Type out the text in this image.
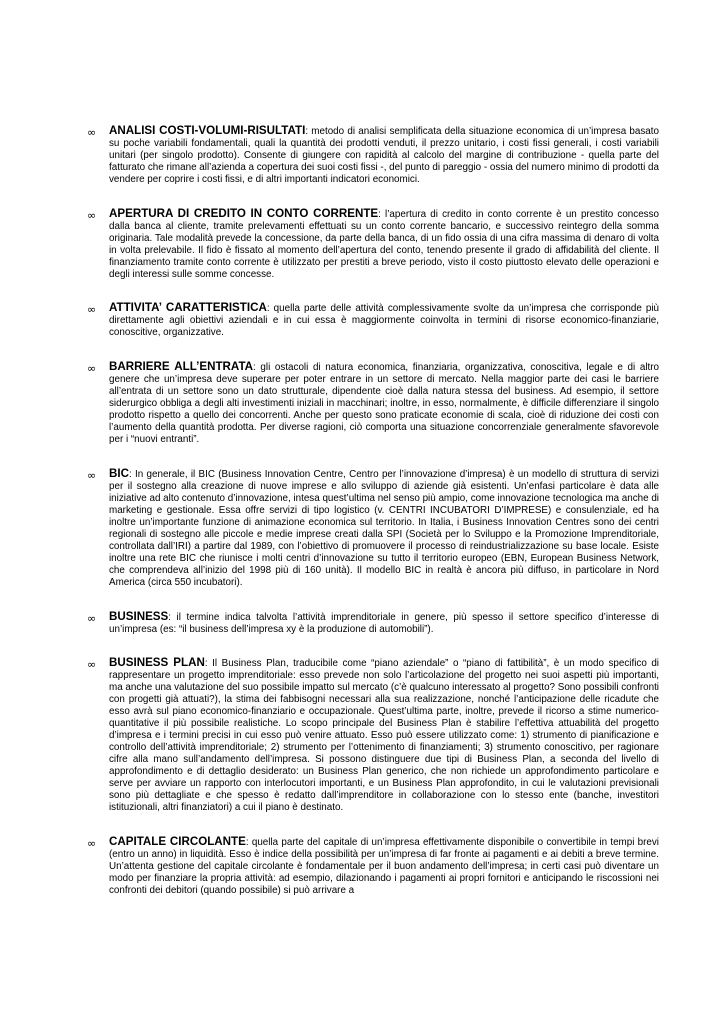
∞ ANALISI COSTI-VOLUMI-RISULTATI: metodo di analisi semplificata della situazione economica di un’impresa basato su poche variabili fondamentali, quali la quantità dei prodotti venduti, il prezzo unitario, i costi fissi generali, i costi variabili unitari (per singolo prodotto). Consente di giungere con rapidità al calcolo del margine di contribuzione - quella parte del fatturato che rimane all’azienda a copertura dei suoi costi fissi -, del punto di pareggio - ossia del numero minimo di prodotti da vendere per coprire i costi fissi, e di altri importanti indicatori economici.

∞ APERTURA DI CREDITO IN CONTO CORRENTE: l’apertura di credito in conto corrente è un prestito concesso dalla banca al cliente, tramite prelevamenti effettuati su un conto corrente bancario, e successivo reintegro della somma originaria. Tale modalità prevede la concessione, da parte della banca, di un fido ossia di una cifra massima di denaro di volta in volta prelevabile. Il fido è fissato al momento dell’apertura del conto, tenendo presente il grado di affidabilità del cliente. Il finanziamento tramite conto corrente è utilizzato per prestiti a breve periodo, visto il costo piuttosto elevato delle operazioni e degli interessi sulle somme concesse.

∞ ATTIVITA’ CARATTERISTICA: quella parte delle attività complessivamente svolte da un’impresa che corrisponde più direttamente agli obiettivi aziendali e in cui essa è maggiormente coinvolta in termini di risorse economico-finanziarie, conoscitive, organizzative.

∞ BARRIERE ALL’ENTRATA: gli ostacoli di natura economica, finanziaria, organizzativa, conoscitiva, legale e di altro genere che un’impresa deve superare per poter entrare in un settore di mercato. Nella maggior parte dei casi le barriere all’entrata di un settore sono un dato strutturale, dipendente cioè dalla natura stessa del business. Ad esempio, il settore siderurgico obbliga a degli alti investimenti iniziali in macchinari; inoltre, in esso, normalmente, è difficile differenziare il singolo prodotto rispetto a quello dei concorrenti. Anche per questo sono praticate economie di scala, cioè di riduzione dei costi con l’aumento della quantità prodotta. Per diverse ragioni, ciò comporta una situazione concorrenziale generalmente sfavorevole per i “nuovi entranti”.

∞ BIC: In generale, il BIC (Business Innovation Centre, Centro per l’innovazione d’impresa) è un modello di struttura di servizi per il sostegno alla creazione di nuove imprese e allo sviluppo di aziende già esistenti. Un’enfasi particolare è data alle iniziative ad alto contenuto d’innovazione, intesa quest’ultima nel senso più ampio, come innovazione tecnologica ma anche di marketing e gestionale. Essa offre servizi di tipo logistico (v. CENTRI INCUBATORI D’IMPRESE) e consulenziale, ed ha inoltre un’importante funzione di animazione economica sul territorio. In Italia, i Business Innovation Centres sono dei centri regionali di sostegno alle piccole e medie imprese creati dalla SPI (Società per lo Sviluppo e la Promozione Imprenditoriale, controllata dall’IRI) a partire dal 1989, con l’obiettivo di promuovere il processo di reindustrializzazione su base locale. Esiste inoltre una rete BIC che riunisce i molti centri d’innovazione su tutto il territorio europeo (EBN, European Business Network, che comprendeva all’inizio del 1998 più di 160 unità). Il modello BIC in realtà è ancora più diffuso, in particolare in Nord America (circa 550 incubatori).

∞ BUSINESS: il termine indica talvolta l’attività imprenditoriale in genere, più spesso il settore specifico d’interesse di un’impresa (es: “il business dell’impresa xy è la produzione di automobili”).

∞ BUSINESS PLAN: Il Business Plan, traducibile come “piano aziendale” o “piano di fattibilità”, è un modo specifico di rappresentare un progetto imprenditoriale: esso prevede non solo l’articolazione del progetto nei suoi aspetti più importanti, ma anche una valutazione del suo possibile impatto sul mercato (c’è qualcuno interessato al progetto? Sono possibili confronti con progetti già attuati?), la stima dei fabbisogni necessari alla sua realizzazione, nonché l’anticipazione delle ricadute che esso avrà sul piano economico-finanziario e occupazionale. Quest’ultima parte, inoltre, prevede il ricorso a stime numerico-quantitative il più possibile realistiche. Lo scopo principale del Business Plan è stabilire l’effettiva attuabilità del progetto d’impresa e i termini precisi in cui esso può venire attuato. Esso può essere utilizzato come: 1) strumento di pianificazione e controllo dell’attività imprenditoriale; 2) strumento per l’ottenimento di finanziamenti; 3) strumento conoscitivo, per ragionare cifre alla mano sull’andamento dell’impresa. Si possono distinguere due tipi di Business Plan, a seconda del livello di approfondimento e di dettaglio desiderato: un Business Plan generico, che non richiede un approfondimento particolare e serve per avviare un rapporto con interlocutori importanti, e un Business Plan approfondito, in cui le valutazioni previsionali sono più dettagliate e che spesso è redatto dall’imprenditore in collaborazione con lo stesso ente (banche, investitori istituzionali, altri finanziatori) a cui il piano è destinato.

∞ CAPITALE CIRCOLANTE: quella parte del capitale di un’impresa effettivamente disponibile o convertibile in tempi brevi (entro un anno) in liquidità. Esso è indice della possibilità per un’impresa di far fronte ai pagamenti e ai debiti a breve termine. Un’attenta gestione del capitale circolante è fondamentale per il buon andamento dell’impresa; in certi casi può diventare un modo per finanziare la propria attività: ad esempio, dilazionando i pagamenti ai propri fornitori e anticipando le riscossioni nei confronti dei debitori (quando possibile) si può arrivare a
